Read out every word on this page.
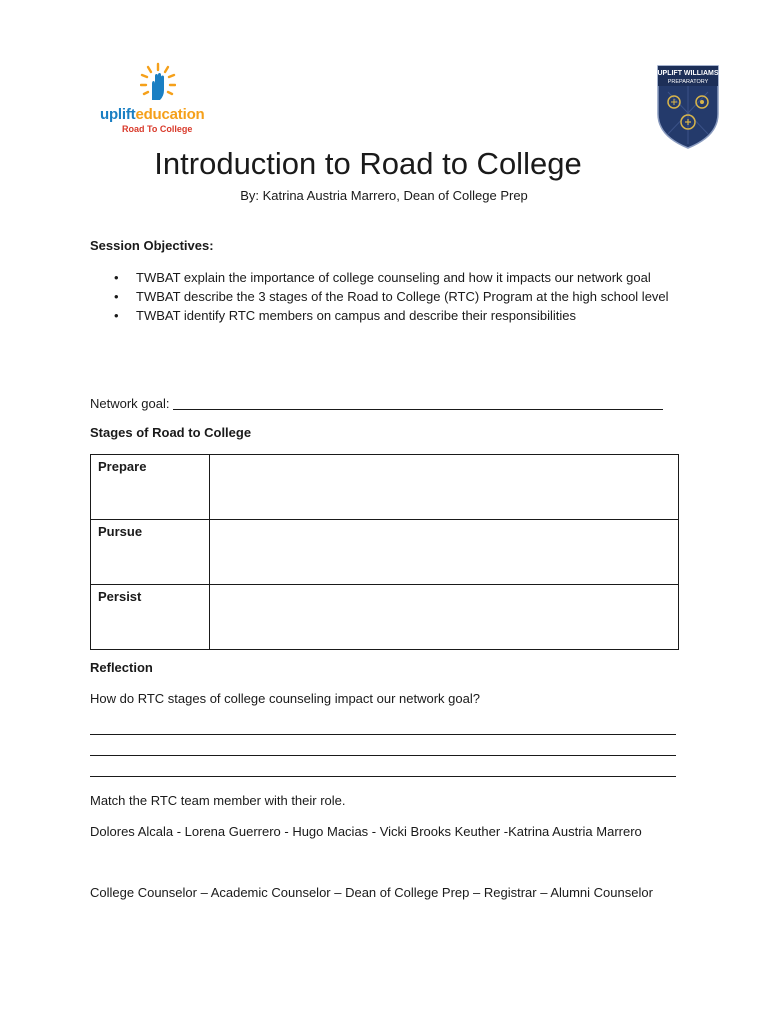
uplifteducation
Road To College
UPLIFT WILLIAMS
PREPARATORY
Introduction to Road to College
By: Katrina Austria Marrero, Dean of College Prep
Session Objectives:
• TWBAT explain the importance of college counseling and how it impacts our network goal
• TWBAT describe the 3 stages of the Road to College (RTC) Program at the high school level
• TWBAT identify RTC members on campus and describe their responsibilities
Network goal:
Stages of Road to College
Prepare	
Pursue	
Persist	
Reflection
How do RTC stages of college counseling impact our network goal?
Match the RTC team member with their role.
Dolores Alcala - Lorena Guerrero - Hugo Macias - Vicki Brooks Keuther -Katrina Austria Marrero
College Counselor – Academic Counselor – Dean of College Prep – Registrar – Alumni Counselor
